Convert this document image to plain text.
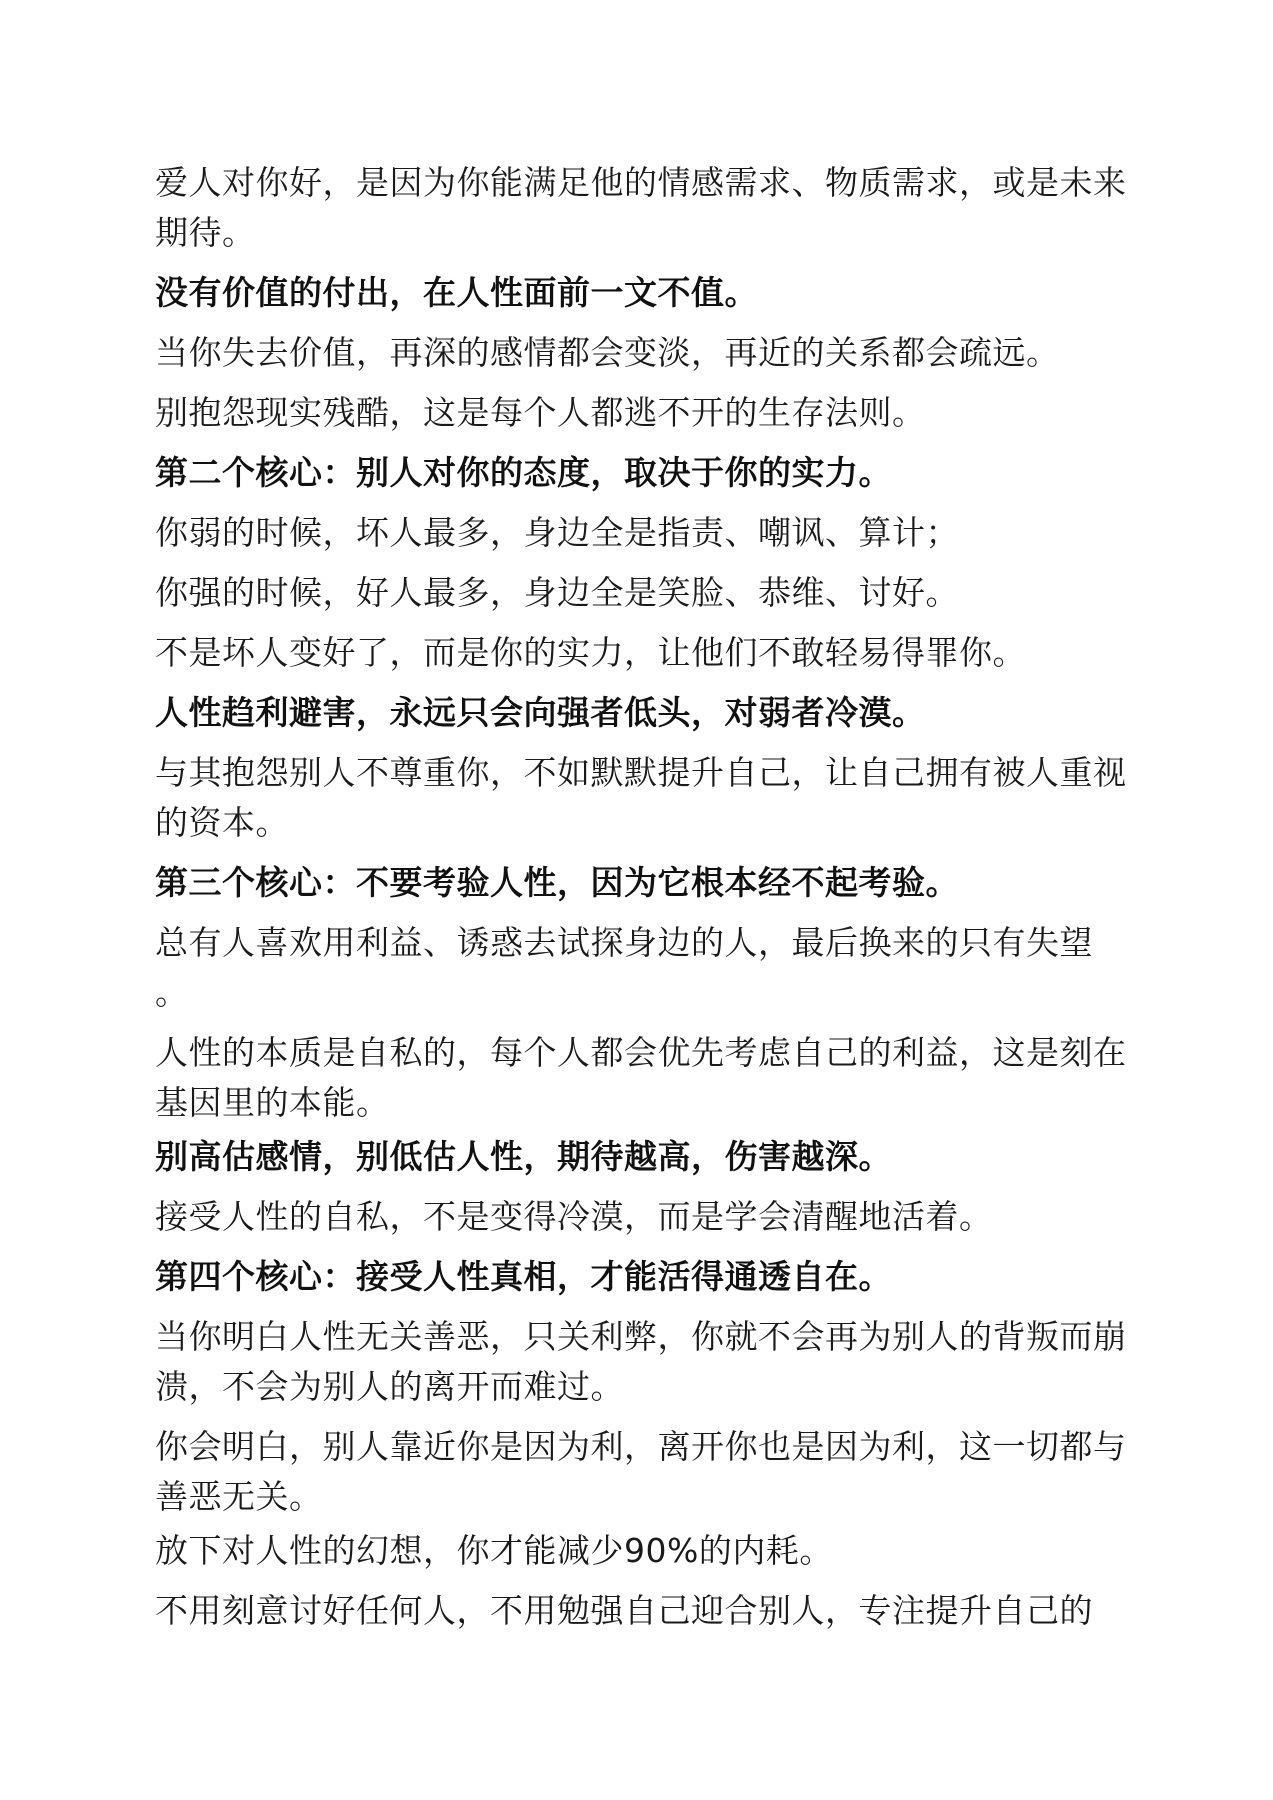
爱人对你好，是因为你能满足他的情感需求、物质需求，或是未来期待。

没有价值的付出，在人性面前一文不值。

当你失去价值，再深的感情都会变淡，再近的关系都会疏远。

别抱怨现实残酷，这是每个人都逃不开的生存法则。

第二个核心：别人对你的态度，取决于你的实力。

你弱的时候，坏人最多，身边全是指责、嘲讽、算计；

你强的时候，好人最多，身边全是笑脸、恭维、讨好。

不是坏人变好了，而是你的实力，让他们不敢轻易得罪你。

人性趋利避害，永远只会向强者低头，对弱者冷漠。

与其抱怨别人不尊重你，不如默默提升自己，让自己拥有被人重视的资本。

第三个核心：不要考验人性，因为它根本经不起考验。

总有人喜欢用利益、诱惑去试探身边的人，最后换来的只有失望 。

人性的本质是自私的，每个人都会优先考虑自己的利益，这是刻在基因里的本能。

别高估感情，别低估人性，期待越高，伤害越深。

接受人性的自私，不是变得冷漠，而是学会清醒地活着。

第四个核心：接受人性真相，才能活得通透自在。

当你明白人性无关善恶，只关利弊，你就不会再为别人的背叛而崩溃，不会为别人的离开而难过。

你会明白，别人靠近你是因为利，离开你也是因为利，这一切都与善恶无关。

放下对人性的幻想，你才能减少90%的内耗。

不用刻意讨好任何人，不用勉强自己迎合别人，专注提升自己的
